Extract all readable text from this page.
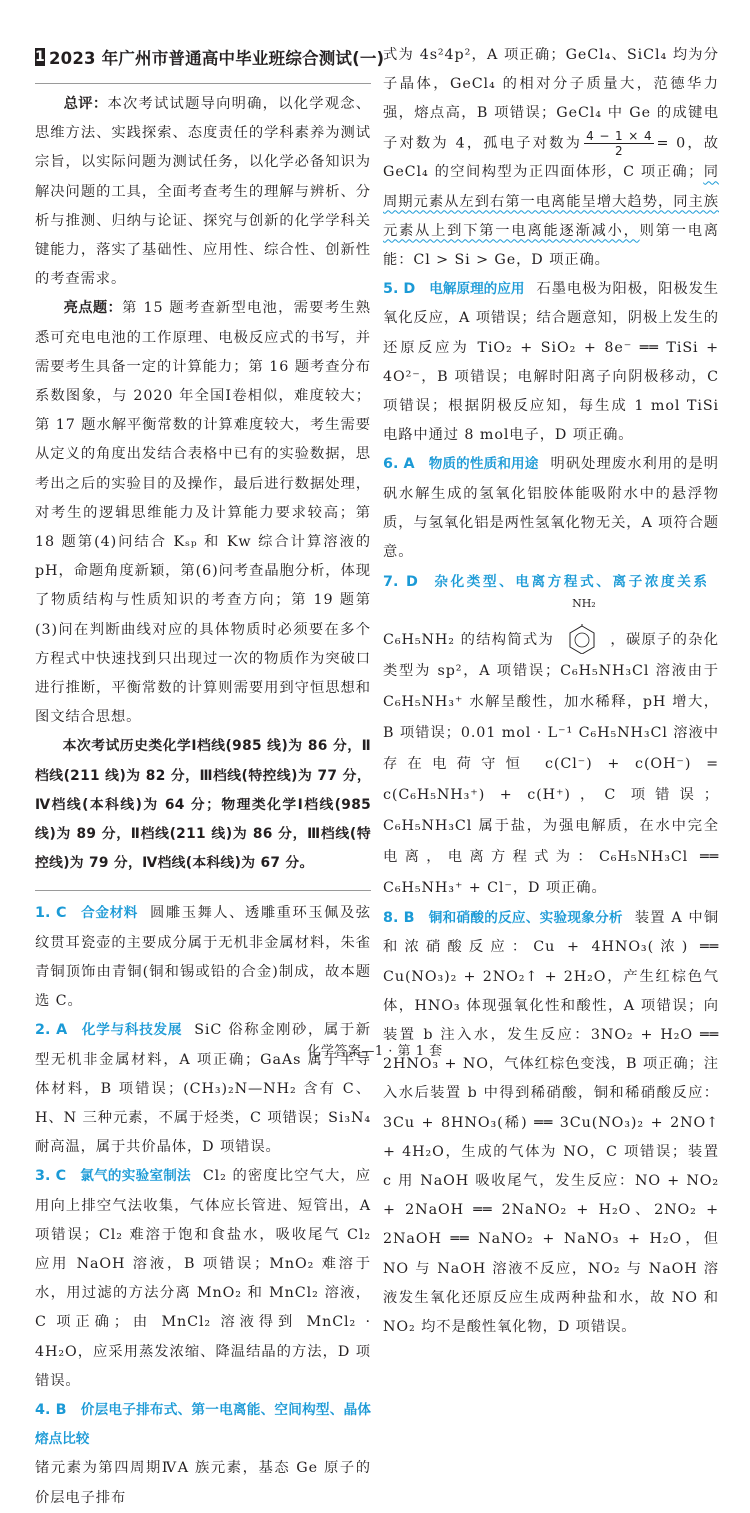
1 2023 年广州市普通高中毕业班综合测试(一)

总评：本次考试试题导向明确，以化学观念、思维方法、实践探索、态度责任的学科素养为测试宗旨，以实际问题为测试任务，以化学必备知识为解决问题的工具，全面考查考生的理解与辨析、分析与推测、归纳与论证、探究与创新的化学学科关键能力，落实了基础性、应用性、综合性、创新性的考查需求。

亮点题：第 15 题考查新型电池，需要考生熟悉可充电电池的工作原理、电极反应式的书写，并需要考生具备一定的计算能力；第 16 题考查分布系数图象，与 2020 年全国Ⅰ卷相似，难度较大；第 17 题水解平衡常数的计算难度较大，考生需要从定义的角度出发结合表格中已有的实验数据，思考出之后的实验目的及操作，最后进行数据处理，对考生的逻辑思维能力及计算能力要求较高；第 18 题第(4)问结合 Kₛₚ 和 Kw 综合计算溶液的 pH，命题角度新颖，第(6)问考查晶胞分析，体现了物质结构与性质知识的考查方向；第 19 题第(3)问在判断曲线对应的具体物质时必须要在多个方程式中快速找到只出现过一次的物质作为突破口进行推断，平衡常数的计算则需要用到守恒思想和图文结合思想。

本次考试历史类化学Ⅰ档线(985 线)为 86 分，Ⅱ档线(211 线)为 82 分，Ⅲ档线(特控线)为 77 分，Ⅳ档线(本科线)为 64 分；物理类化学Ⅰ档线(985 线)为 89 分，Ⅱ档线(211 线)为 86 分，Ⅲ档线(特控线)为 79 分，Ⅳ档线(本科线)为 67 分。

1. C 合金材料 圆雕玉舞人、透雕重环玉佩及弦纹贯耳瓷壶的主要成分属于无机非金属材料，朱雀青铜顶饰由青铜(铜和锡或铅的合金)制成，故本题选 C。

2. A 化学与科技发展 SiC 俗称金刚砂，属于新型无机非金属材料，A 项正确；GaAs 属于半导体材料，B 项错误；(CH₃)₂N—NH₂ 含有 C、H、N 三种元素，不属于烃类，C 项错误；Si₃N₄ 耐高温，属于共价晶体，D 项错误。

3. C 氯气的实验室制法 Cl₂ 的密度比空气大，应用向上排空气法收集，气体应长管进、短管出，A 项错误；Cl₂ 难溶于饱和食盐水，吸收尾气 Cl₂ 应用 NaOH 溶液，B 项错误；MnO₂ 难溶于水，用过滤的方法分离 MnO₂ 和 MnCl₂ 溶液，C 项正确；由 MnCl₂ 溶液得到 MnCl₂ · 4H₂O，应采用蒸发浓缩、降温结晶的方法，D 项错误。

4. B 价层电子排布式、第一电离能、空间构型、晶体熔点比较

锗元素为第四周期ⅣA 族元素，基态 Ge 原子的价层电子排布

式为 4s²4p²，A 项正确；GeCl₄、SiCl₄ 均为分子晶体，GeCl₄ 的相对分子质量大，范德华力强，熔点高，B 项错误；GeCl₄ 中 Ge 的成键电子对数为 4，孤电子对数为 $\frac{4 - 1 \times 4}{2} = 0$，故 GeCl₄ 的空间构型为正四面体形，C 项正确；同周期元素从左到右第一电离能呈增大趋势，同主族元素从上到下第一电离能逐渐减小，则第一电离能：Cl > Si > Ge，D 项正确。

5. D 电解原理的应用 石墨电极为阳极，阳极发生氧化反应，A 项错误；结合题意知，阴极上发生的还原反应为 TiO₂ + SiO₂ + 8e⁻ ══ TiSi + 4O²⁻，B 项错误；电解时阳离子向阴极移动，C 项错误；根据阴极反应知，每生成 1 mol TiSi 电路中通过 8 mol电子，D 项正确。

6. A 物质的性质和用途 明矾处理废水利用的是明矾水解生成的氢氧化铝胶体能吸附水中的悬浮物质，与氢氧化铝是两性氢氧化物无关，A 项符合题意。

7. D 杂化类型、电离方程式、离子浓度关系C₆H₅NH₂ 的结构简式为
NH₂
，碳原子的杂化类型为 sp²，A 项错误；C₆H₅NH₃Cl 溶液由于 C₆H₅NH₃⁺ 水解呈酸性，加水稀释，pH 增大，B 项错误；0.01 mol · L⁻¹ C₆H₅NH₃Cl 溶液中存在电荷守恒 c(Cl⁻) + c(OH⁻) = c(C₆H₅NH₃⁺) + c(H⁺)，C 项错误；C₆H₅NH₃Cl 属于盐，为强电解质，在水中完全电离，电离方程式为：C₆H₅NH₃Cl ══ C₆H₅NH₃⁺ + Cl⁻，D 项正确。

8. B 铜和硝酸的反应、实验现象分析 装置 A 中铜和浓硝酸反应：Cu + 4HNO₃(浓) ══ Cu(NO₃)₂ + 2NO₂↑ + 2H₂O，产生红棕色气体，HNO₃ 体现强氧化性和酸性，A 项错误；向装置 b 注入水，发生反应：3NO₂ + H₂O ══ 2HNO₃ + NO，气体红棕色变浅，B 项正确；注入水后装置 b 中得到稀硝酸，铜和稀硝酸反应：3Cu + 8HNO₃(稀) ══ 3Cu(NO₃)₂ + 2NO↑ + 4H₂O，生成的气体为 NO，C 项错误；装置 c 用 NaOH 吸收尾气，发生反应：NO + NO₂ + 2NaOH ══ 2NaNO₂ + H₂O、2NO₂ + 2NaOH ══ NaNO₂ + NaNO₃ + H₂O，但 NO 与 NaOH 溶液不反应，NO₂ 与 NaOH 溶液发生氧化还原反应生成两种盐和水，故 NO 和 NO₂ 均不是酸性氧化物，D 项错误。

化学答案—1 · 第 1 套
